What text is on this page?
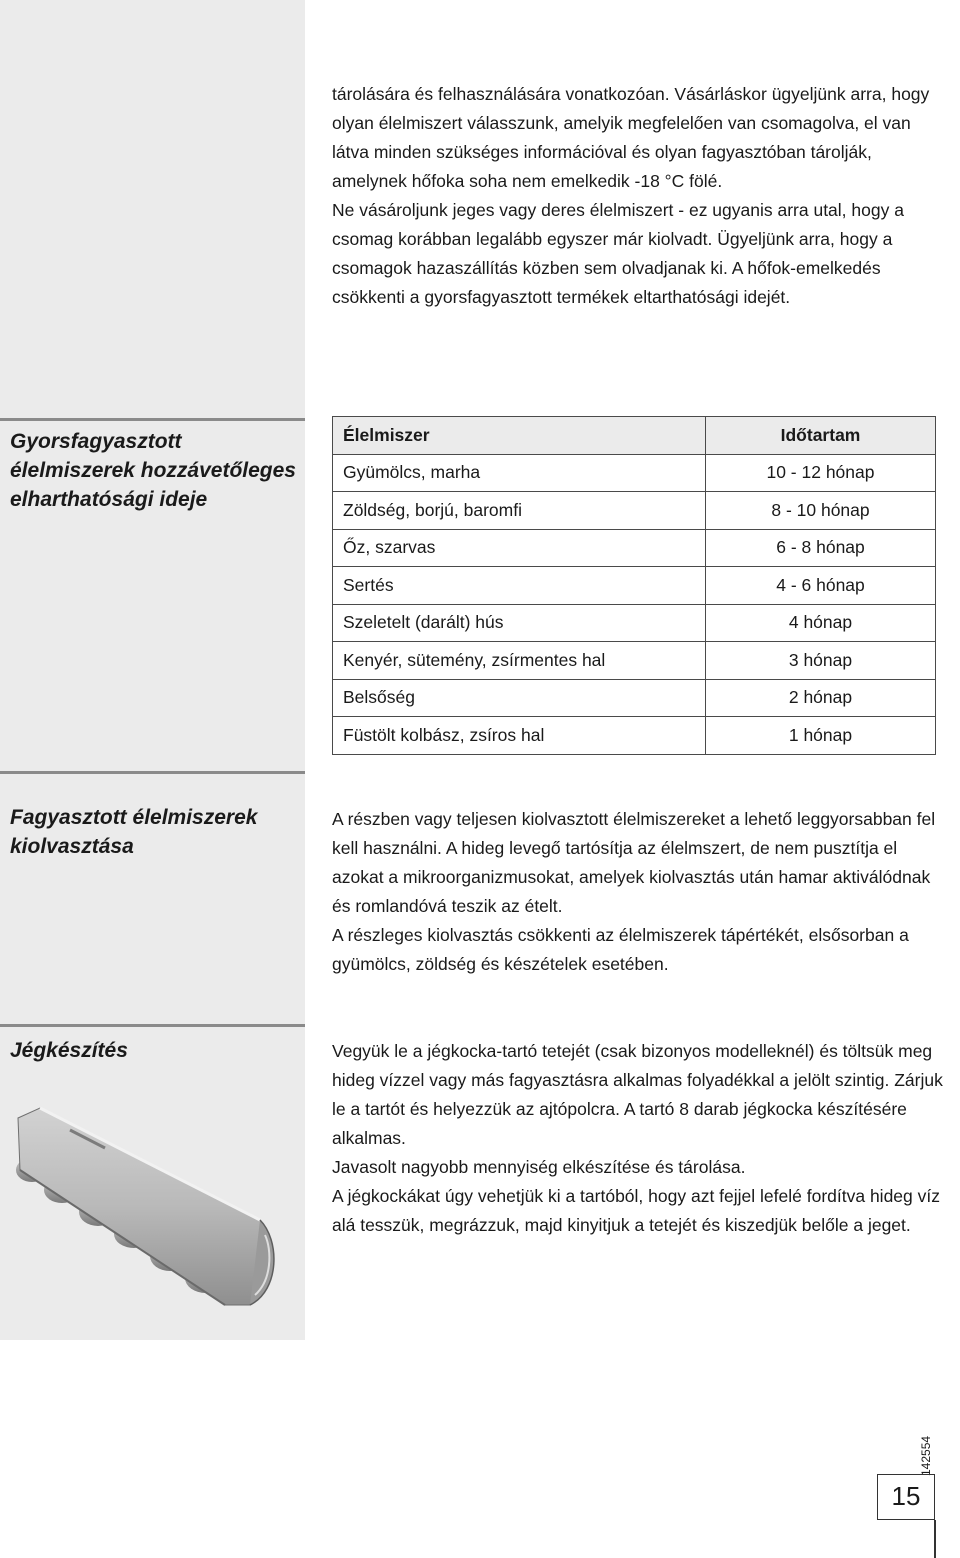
tárolására és felhasználására vonatkozóan. Vásárláskor ügyeljünk arra, hogy olyan élelmiszert válasszunk, amelyik megfelelően van csomagolva, el van látva minden szükséges információval és olyan fagyasztóban tárolják, amelynek hőfoka soha nem emelkedik -18 °C fölé.

Ne vásároljunk jeges vagy deres élelmiszert - ez ugyanis arra utal, hogy a csomag korábban legalább egyszer már kiolvadt. Ügyeljünk arra, hogy a csomagok hazaszállítás közben sem olvadjanak ki. A hőfok-emelkedés csökkenti a gyorsfagyasztott termékek eltarthatósági idejét.

Gyorsfagyasztott élelmiszerek hozzávetőleges elharthatósági ideje
Élelmiszer	Időtartam
Gyümölcs, marha	10 - 12 hónap
Zöldség, borjú, baromfi	8 - 10 hónap
Őz, szarvas	6 - 8 hónap
Sertés	4 - 6 hónap
Szeletelt (darált) hús	4 hónap
Kenyér, sütemény, zsírmentes hal	3 hónap
Belsőség	2 hónap
Füstölt kolbász, zsíros hal	1 hónap
Fagyasztott élelmiszerek kiolvasztása

A részben vagy teljesen kiolvasztott élelmiszereket a lehető leggyorsabban fel kell használni. A hideg levegő tartósítja az élelmszert, de nem pusztítja el azokat a mikroorganizmusokat, amelyek kiolvasztás után hamar aktiválódnak és romlandóvá teszik az ételt.

A részleges kiolvasztás csökkenti az élelmiszerek tápértékét, elsősorban a gyümölcs, zöldség és készételek esetében.

Jégkészítés	Vegyük le a jégkocka-tartó tetejét (csak bizonyos modelleknél) és töltsük meg hideg vízzel vagy más fagyasztásra alkalmas folyadékkal a jelölt szintig. Zárjuk le a tartót és helyezzük az ajtópolcra. A tartó 8 darab jégkocka készítésére alkalmas.

Javasolt nagyobb mennyiség elkészítése és tárolása.

A jégkockákat úgy vehetjük ki a tartóból, hogy azt fejjel lefelé fordítva hideg víz alá tesszük, megrázzuk, majd kinyitjuk a tetejét és kiszedjük belőle a jeget.

142554
15
